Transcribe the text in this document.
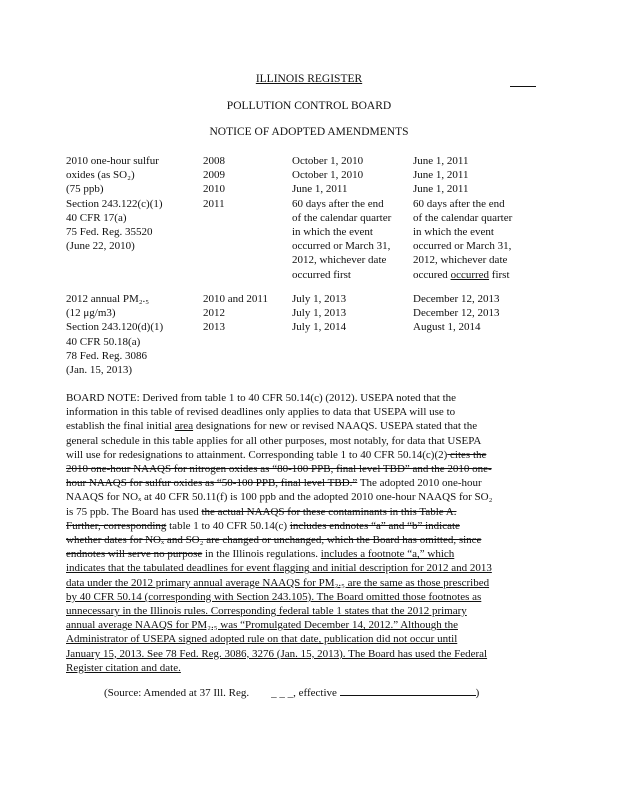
ILLINOIS REGISTER
POLLUTION CONTROL BOARD
NOTICE OF ADOPTED AMENDMENTS
2010 one-hour sulfur
oxides (as SO₂)
(75 ppb)
Section 243.122(c)(1)
40 CFR 17(a)
75 Fed. Reg. 35520
(June 22, 2010)
2008
2009
2010
2011
October 1, 2010
October 1, 2010
June 1, 2011
60 days after the end
of the calendar quarter
in which the event
occurred or March 31,
2012, whichever date
occurred first
June 1, 2011
June 1, 2011
June 1, 2011
60 days after the end
of the calendar quarter
in which the event
occurred or March 31,
2012, whichever date
occured occurred first
2012 annual PM₂.₅
(12 μg/m3)
Section 243.120(d)(1)
40 CFR 50.18(a)
78 Fed. Reg. 3086
(Jan. 15, 2013)
2010 and 2011
2012
2013
July 1, 2013
July 1, 2013
July 1, 2014
December 12, 2013
December 12, 2013
August 1, 2014
BOARD NOTE: Derived from table 1 to 40 CFR 50.14(c) (2012). USEPA noted that the
information in this table of revised deadlines only applies to data that USEPA will use to
establish the final initial area designations for new or revised NAAQS. USEPA stated that the
general schedule in this table applies for all other purposes, most notably, for data that USEPA
will use for redesignations to attainment. Corresponding table 1 to 40 CFR 50.14(c)(2) cites the
2010 one-hour NAAQS for nitrogen oxides as “80-100 PPB, final level TBD” and the 2010 one-
hour NAAQS for sulfur oxides as “50-100 PPB, final level TBD.” The adopted 2010 one-hour
NAAQS for NOₓ at 40 CFR 50.11(f) is 100 ppb and the adopted 2010 one-hour NAAQS for SO₂
is 75 ppb. The Board has used the actual NAAQS for these contaminants in this Table A.
Further, corresponding table 1 to 40 CFR 50.14(c) includes endnotes “a” and “b” indicate
whether dates for NOₓ and SO₂ are changed or unchanged, which the Board has omitted, since
endnotes will serve no purpose in the Illinois regulations. includes a footnote “a,” which
indicates that the tabulated deadlines for event flagging and initial description for 2012 and 2013
data under the 2012 primary annual average NAAQS for PM₂.₅ are the same as those prescribed
by 40 CFR 50.14 (corresponding with Section 243.105). The Board omitted those footnotes as
unnecessary in the Illinois rules. Corresponding federal table 1 states that the 2012 primary
annual average NAAQS for PM₂.₅ was “Promulgated December 14, 2012.” Although the
Administrator of USEPA signed adopted rule on that date, publication did not occur until
January 15, 2013. See 78 Fed. Reg. 3086, 3276 (Jan. 15, 2013). The Board has used the Federal
Register citation and date.
(Source: Amended at 37 Ill. Reg. _ _ _, effective	)
